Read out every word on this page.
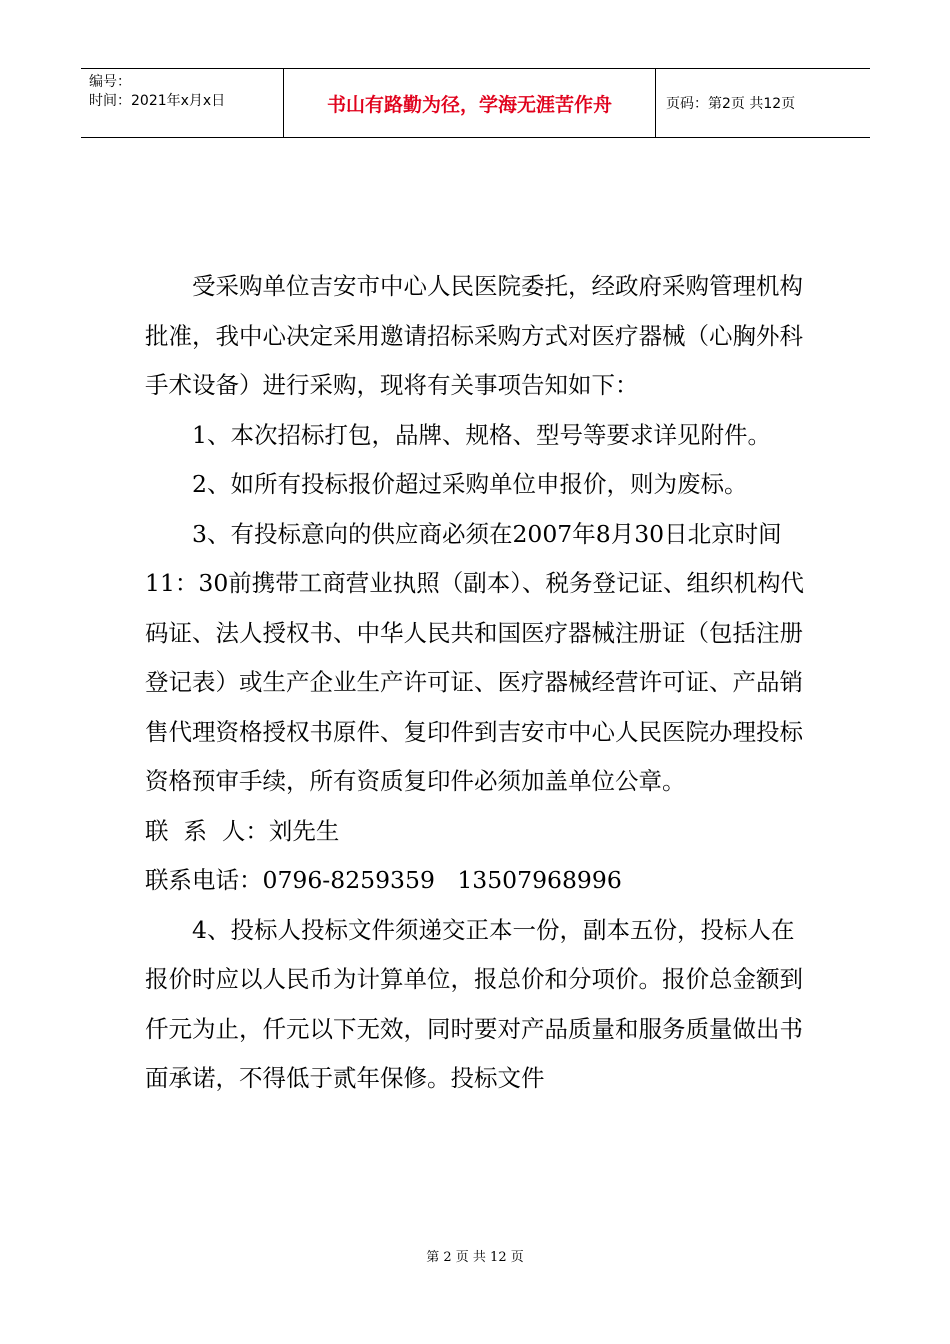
编号：
时间：2021年x月x日	书山有路勤为径，学海无涯苦作舟	页码：第2页 共12页

受采购单位吉安市中心人民医院委托，经政府采购管理机构批准，我中心决定采用邀请招标采购方式对医疗器械（心胸外科手术设备）进行采购，现将有关事项告知如下：

1、本次招标打包，品牌、规格、型号等要求详见附件。

2、如所有投标报价超过采购单位申报价，则为废标。

3、有投标意向的供应商必须在2007年8月30日北京时间11：30前携带工商营业执照（副本）、税务登记证、组织机构代码证、法人授权书、中华人民共和国医疗器械注册证（包括注册登记表）或生产企业生产许可证、医疗器械经营许可证、产品销售代理资格授权书原件、复印件到吉安市中心人民医院办理投标资格预审手续，所有资质复印件必须加盖单位公章。

联  系  人：刘先生

联系电话：0796-8259359   13507968996

4、投标人投标文件须递交正本一份，副本五份，投标人在报价时应以人民币为计算单位，报总价和分项价。报价总金额到仟元为止，仟元以下无效，同时要对产品质量和服务质量做出书面承诺，不得低于贰年保修。投标文件

第 2 页 共 12 页
